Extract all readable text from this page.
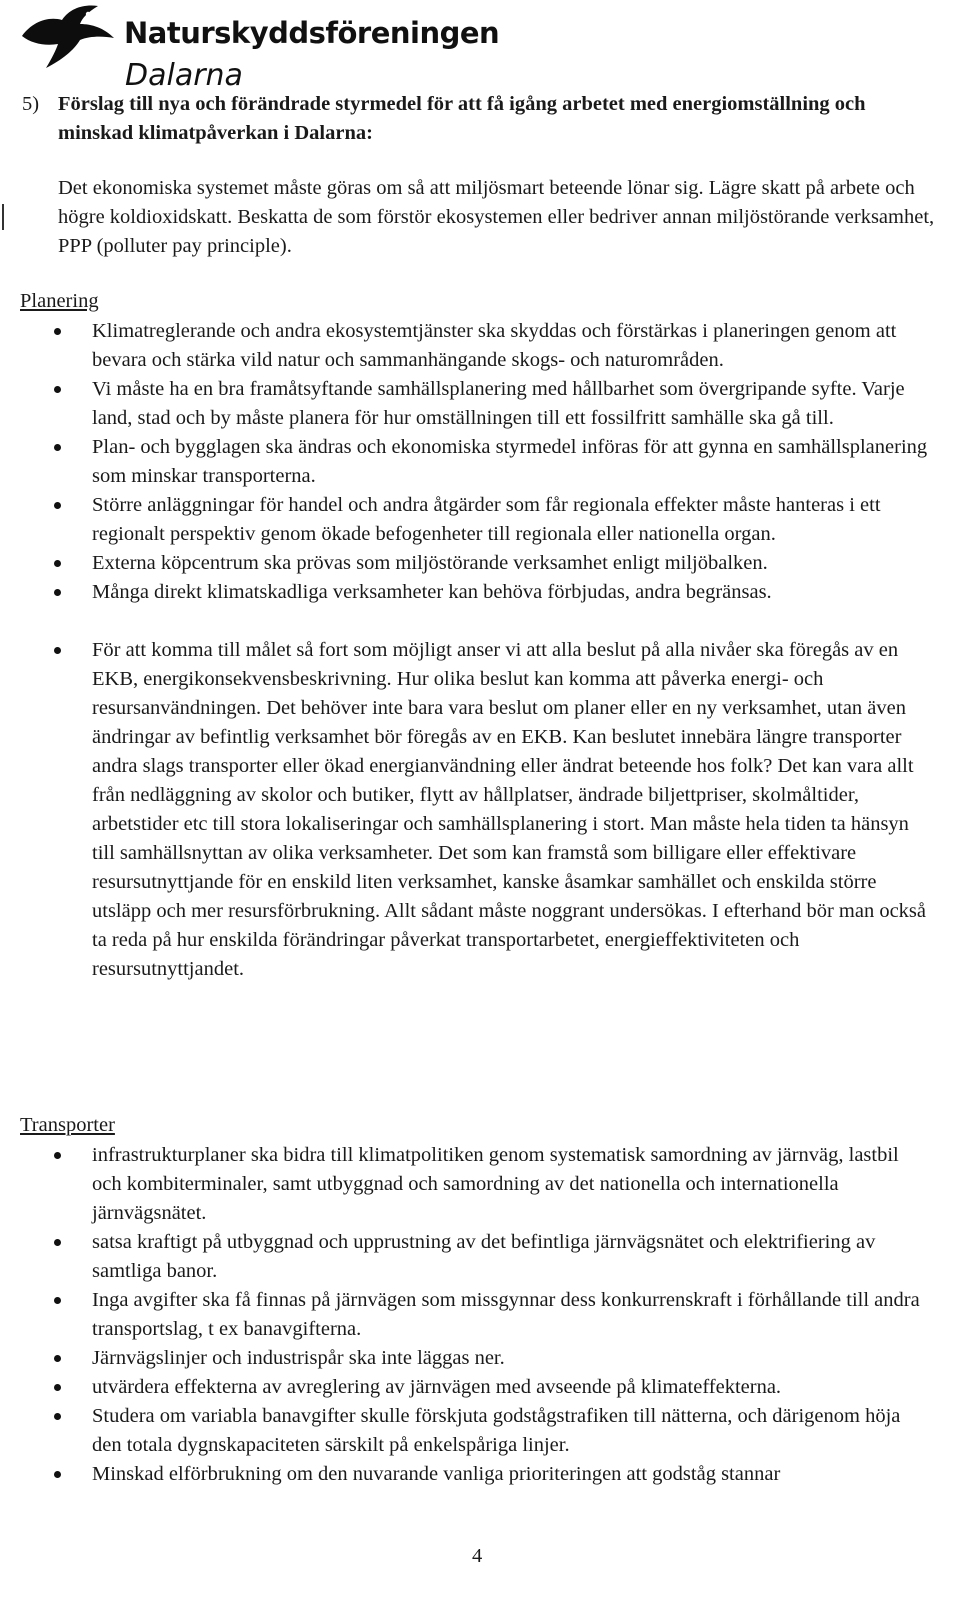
Naturskyddsföreningen
Dalarna
5) Förslag till nya och förändrade styrmedel för att få igång arbetet med energiomställning och minskad klimatpåverkan i Dalarna:

Det ekonomiska systemet måste göras om så att miljösmart beteende lönar sig. Lägre skatt på arbete och högre koldioxidskatt. Beskatta de som förstör ekosystemen eller bedriver annan miljöstörande verksamhet, PPP (polluter pay principle).

Planering
Klimatreglerande och andra ekosystemtjänster ska skyddas och förstärkas i planeringen genom att bevara och stärka vild natur och sammanhängande skogs- och naturområden.
Vi måste ha en bra framåtsyftande samhällsplanering med hållbarhet som övergripande syfte. Varje land, stad och by måste planera för hur omställningen till ett fossilfritt samhälle ska gå till.
Plan- och bygglagen ska ändras och ekonomiska styrmedel införas för att gynna en samhällsplanering som minskar transporterna.
Större anläggningar för handel och andra åtgärder som får regionala effekter måste hanteras i ett regionalt perspektiv genom ökade befogenheter till regionala eller nationella organ.
Externa köpcentrum ska prövas som miljöstörande verksamhet enligt miljöbalken.
Många direkt klimatskadliga verksamheter kan behöva förbjudas, andra begränsas.
För att komma till målet så fort som möjligt anser vi att alla beslut på alla nivåer ska föregås av en EKB, energikonsekvensbeskrivning. Hur olika beslut kan komma att påverka energi- och resursanvändningen. Det behöver inte bara vara beslut om planer eller en ny verksamhet, utan även ändringar av befintlig verksamhet bör föregås av en EKB. Kan beslutet innebära längre transporter andra slags transporter eller ökad energianvändning eller ändrat beteende hos folk? Det kan vara allt från nedläggning av skolor och butiker, flytt av hållplatser, ändrade biljettpriser, skolmåltider, arbetstider etc till stora lokaliseringar och samhällsplanering i stort. Man måste hela tiden ta hänsyn till samhällsnyttan av olika verksamheter. Det som kan framstå som billigare eller effektivare resursutnyttjande för en enskild liten verksamhet, kanske åsamkar samhället och enskilda större utsläpp och mer resursförbrukning. Allt sådant måste noggrant undersökas. I efterhand bör man också ta reda på hur enskilda förändringar påverkat transportarbetet, energieffektiviteten och resursutnyttjandet.
Transporter
infrastrukturplaner ska bidra till klimatpolitiken genom systematisk samordning av järnväg, lastbil och kombiterminaler, samt utbyggnad och samordning av det nationella och internationella järnvägsnätet.
satsa kraftigt på utbyggnad och upprustning av det befintliga järnvägsnätet och elektrifiering av samtliga banor.
Inga avgifter ska få finnas på järnvägen som missgynnar dess konkurrenskraft i förhållande till andra transportslag, t ex banavgifterna.
Järnvägslinjer och industrispår ska inte läggas ner.
utvärdera effekterna av avreglering av järnvägen med avseende på klimateffekterna.
Studera om variabla banavgifter skulle förskjuta godstågstrafiken till nätterna, och därigenom höja den totala dygnskapaciteten särskilt på enkelspåriga linjer.
Minskad elförbrukning om den nuvarande vanliga prioriteringen att godståg stannar
4
